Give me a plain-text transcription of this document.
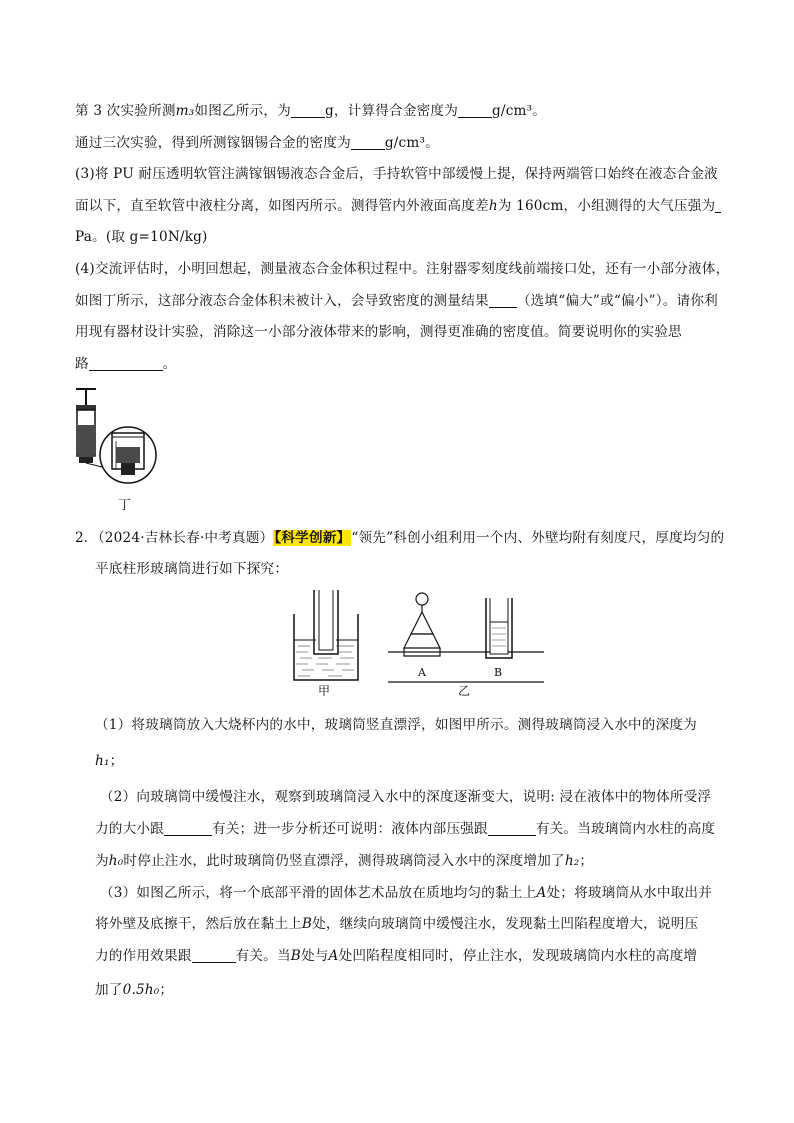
第 3 次实验所测m₃如图乙所示，为	g，计算得合金密度为	g/cm³。
通过三次实验，得到所测镓铟锡合金的密度为	g/cm³。
(3)将 PU 耐压透明软管注满镓铟锡液态合金后，手持软管中部缓慢上提，保持两端管口始终在液态合金液
面以下，直至软管中液柱分离，如图丙所示。测得管内外液面高度差h为 160cm，小组测得的大气压强为
Pa。(取 g=10N/kg)
(4)交流评估时，小明回想起，测量液态合金体积过程中。注射器零刻度线前端接口处，还有一小部分液体，
如图丁所示，这部分液态合金体积未被计入，会导致密度的测量结果 （选填“偏大”或“偏小”）。请你利
用现有器材设计实验，消除这一小部分液体带来的影响，测得更准确的密度值。简要说明你的实验思
路	。
丁
2．
（2024·吉林长春·中考真题）【科学创新】“领先”科创小组利用一个内、外壁均附有刻度尺，厚度均匀的
平底柱形玻璃筒进行如下探究：
甲
A	B
乙
（1）将玻璃筒放入大烧杯内的水中，玻璃筒竖直漂浮，如图甲所示。测得玻璃筒浸入水中的深度为
h₁；
（2）向玻璃筒中缓慢注水，观察到玻璃筒浸入水中的深度逐渐变大，说明: 浸在液体中的物体所受浮
力的大小跟	有关；进一步分析还可说明：液体内部压强跟	有关。当玻璃筒内水柱的高度
为h₀时停止注水，此时玻璃筒仍竖直漂浮，测得玻璃筒浸入水中的深度增加了h₂；
（3）如图乙所示，将一个底部平滑的固体艺术品放在质地均匀的黏土上A处；将玻璃筒从水中取出并
将外壁及底擦干，然后放在黏土上B处，继续向玻璃筒中缓慢注水，发现黏土凹陷程度增大，说明压
力的作用效果跟	有关。当B处与A处凹陷程度相同时，停止注水，发现玻璃筒内水柱的高度增
加了0.5h₀；
